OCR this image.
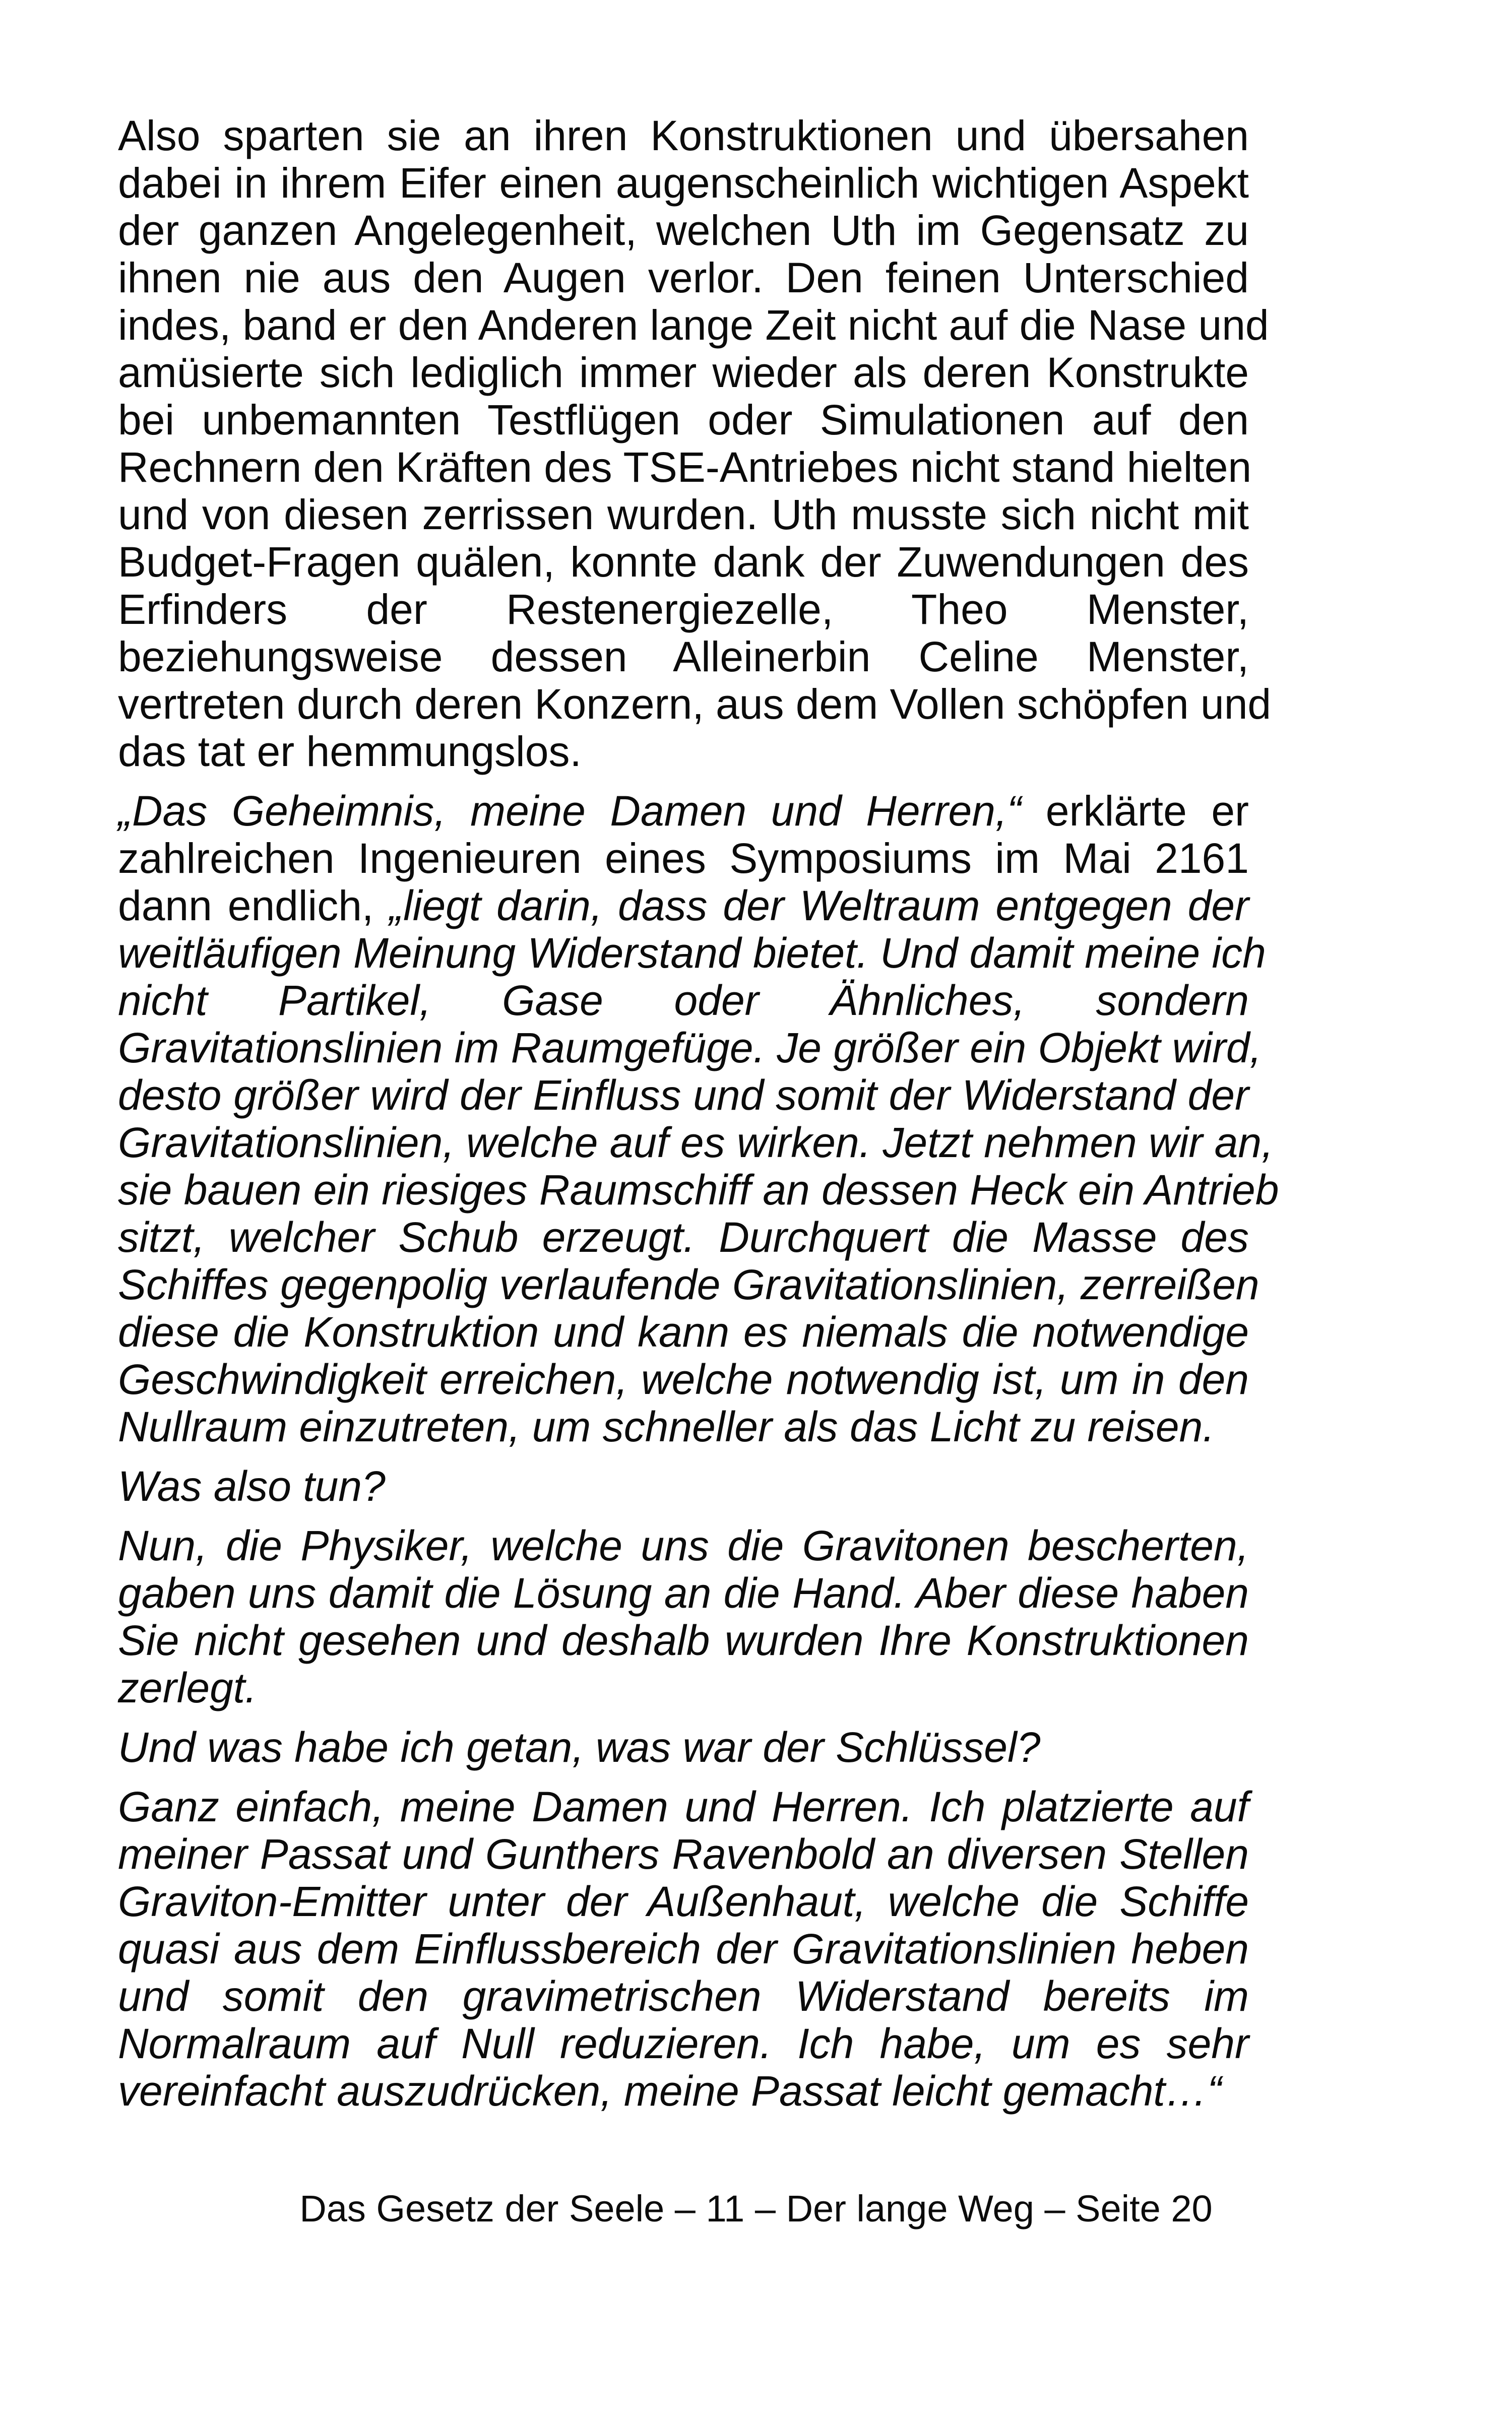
Also sparten sie an ihren Konstruktionen und übersahen
dabei in ihrem Eifer einen augenscheinlich wichtigen Aspekt
der ganzen Angelegenheit, welchen Uth im Gegensatz zu
ihnen nie aus den Augen verlor. Den feinen Unterschied
indes, band er den Anderen lange Zeit nicht auf die Nase und
amüsierte sich lediglich immer wieder als deren Konstrukte
bei unbemannten Testflügen oder Simulationen auf den
Rechnern den Kräften des TSE-Antriebes nicht stand hielten
und von diesen zerrissen wurden. Uth musste sich nicht mit
Budget-Fragen quälen, konnte dank der Zuwendungen des
Erfinders der Restenergiezelle, Theo Menster,
beziehungsweise dessen Alleinerbin Celine Menster,
vertreten durch deren Konzern, aus dem Vollen schöpfen und
das tat er hemmungslos.

„Das Geheimnis, meine Damen und Herren,“ erklärte er
zahlreichen Ingenieuren eines Symposiums im Mai 2161
dann endlich, „liegt darin, dass der Weltraum entgegen der
weitläufigen Meinung Widerstand bietet. Und damit meine ich
nicht Partikel, Gase oder Ähnliches, sondern
Gravitationslinien im Raumgefüge. Je größer ein Objekt wird,
desto größer wird der Einfluss und somit der Widerstand der
Gravitationslinien, welche auf es wirken. Jetzt nehmen wir an,
sie bauen ein riesiges Raumschiff an dessen Heck ein Antrieb
sitzt, welcher Schub erzeugt. Durchquert die Masse des
Schiffes gegenpolig verlaufende Gravitationslinien, zerreißen
diese die Konstruktion und kann es niemals die notwendige
Geschwindigkeit erreichen, welche notwendig ist, um in den
Nullraum einzutreten, um schneller als das Licht zu reisen.

Was also tun?

Nun, die Physiker, welche uns die Gravitonen bescherten,
gaben uns damit die Lösung an die Hand. Aber diese haben
Sie nicht gesehen und deshalb wurden Ihre Konstruktionen
zerlegt.

Und was habe ich getan, was war der Schlüssel?

Ganz einfach, meine Damen und Herren. Ich platzierte auf
meiner Passat und Gunthers Ravenbold an diversen Stellen
Graviton-Emitter unter der Außenhaut, welche die Schiffe
quasi aus dem Einflussbereich der Gravitationslinien heben
und somit den gravimetrischen Widerstand bereits im
Normalraum auf Null reduzieren. Ich habe, um es sehr
vereinfacht auszudrücken, meine Passat leicht gemacht…“

Das Gesetz der Seele – 11 – Der lange Weg – Seite 20
